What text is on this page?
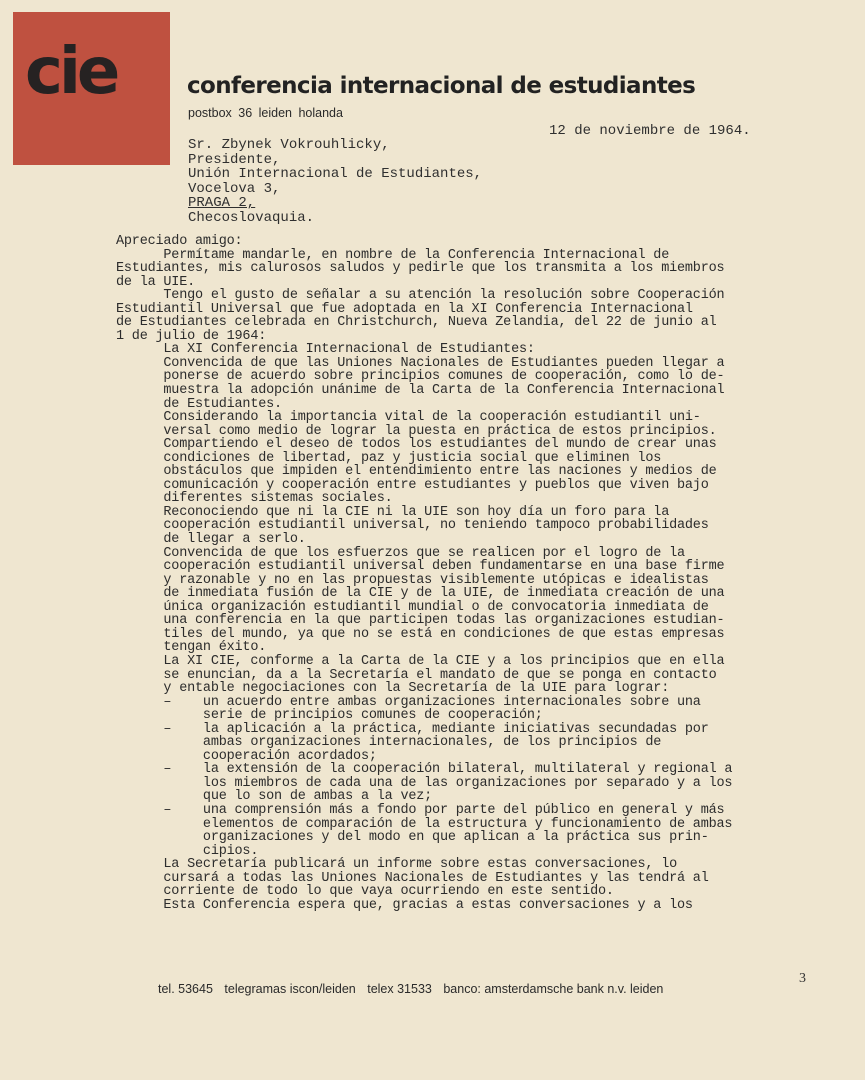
cie	conferencia internacional de estudiantes
postbox 36 leiden holanda
12 de noviembre de 1964.
Sr. Zbynek Vokrouhlicky,
Presidente,
Unión Internacional de Estudiantes,
Vocelova 3,
PRAGA 2,
Checoslovaquia.
Apreciado amigo:
Permítame mandarle, en nombre de la Conferencia Internacional de
Estudiantes, mis calurosos saludos y pedirle que los transmita a los miembros
de la UIE.
Tengo el gusto de señalar a su atención la resolución sobre Cooperación
Estudiantil Universal que fue adoptada en la XI Conferencia Internacional
de Estudiantes celebrada en Christchurch, Nueva Zelandia, del 22 de junio al
1 de julio de 1964:
La XI Conferencia Internacional de Estudiantes:
Convencida de que las Uniones Nacionales de Estudiantes pueden llegar a
ponerse de acuerdo sobre principios comunes de cooperación, como lo de-
muestra la adopción unánime de la Carta de la Conferencia Internacional
de Estudiantes.
Considerando la importancia vital de la cooperación estudiantil uni-
versal como medio de lograr la puesta en práctica de estos principios.
Compartiendo el deseo de todos los estudiantes del mundo de crear unas
condiciones de libertad, paz y justicia social que eliminen los
obstáculos que impiden el entendimiento entre las naciones y medios de
comunicación y cooperación entre estudiantes y pueblos que viven bajo
diferentes sistemas sociales.
Reconociendo que ni la CIE ni la UIE son hoy día un foro para la
cooperación estudiantil universal, no teniendo tampoco probabilidades
de llegar a serlo.
Convencida de que los esfuerzos que se realicen por el logro de la
cooperación estudiantil universal deben fundamentarse en una base firme
y razonable y no en las propuestas visiblemente utópicas e idealistas
de inmediata fusión de la CIE y de la UIE, de inmediata creación de una
única organización estudiantil mundial o de convocatoria inmediata de
una conferencia en la que participen todas las organizaciones estudian-
tiles del mundo, ya que no se está en condiciones de que estas empresas
tengan éxito.
La XI CIE, conforme a la Carta de la CIE y a los principios que en ella
se enuncian, da a la Secretaría el mandato de que se ponga en contacto
y entable negociaciones con la Secretaría de la UIE para lograr:
–    un acuerdo entre ambas organizaciones internacionales sobre una
serie de principios comunes de cooperación;
–    la aplicación a la práctica, mediante iniciativas secundadas por
ambas organizaciones internacionales, de los principios de
cooperación acordados;
–    la extensión de la cooperación bilateral, multilateral y regional a
los miembros de cada una de las organizaciones por separado y a los
que lo son de ambas a la vez;
–    una comprensión más a fondo por parte del público en general y más
elementos de comparación de la estructura y funcionamiento de ambas
organizaciones y del modo en que aplican a la práctica sus prin-
cipios.
La Secretaría publicará un informe sobre estas conversaciones, lo
cursará a todas las Uniones Nacionales de Estudiantes y las tendrá al
corriente de todo lo que vaya ocurriendo en este sentido.
Esta Conferencia espera que, gracias a estas conversaciones y a los
tel. 53645 telegramas iscon/leiden telex 31533 banco: amsterdamsche bank n.v. leiden
3
